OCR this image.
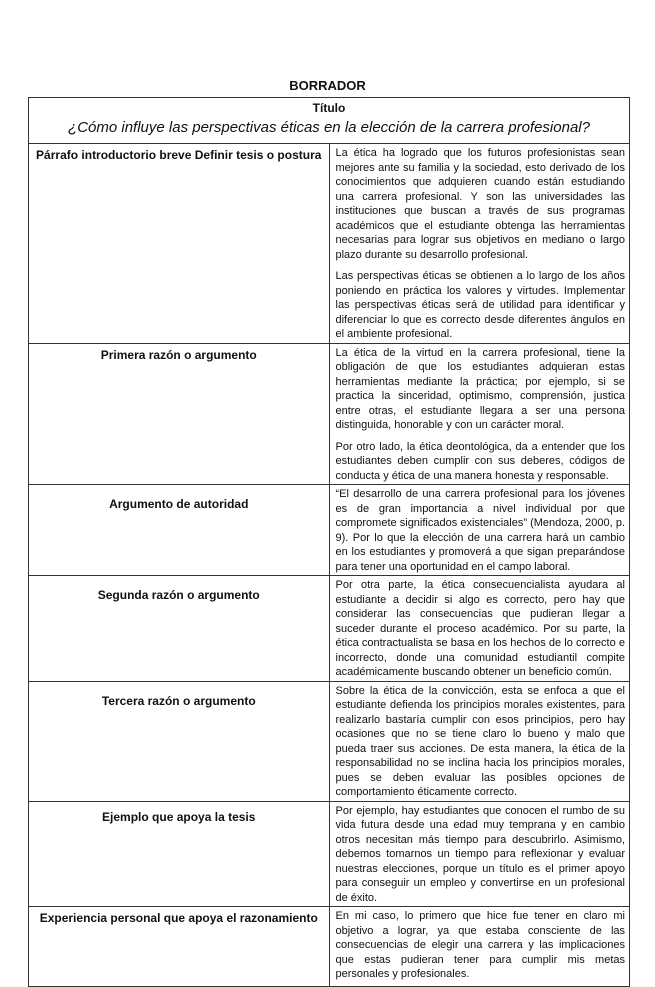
BORRADOR
Título
¿Cómo influye las perspectivas éticas en la elección de la carrera profesional?	

Párrafo introductorio breve Definir tesis o postura	La ética ha logrado que los futuros profesionistas sean mejores ante su familia y la sociedad, esto derivado de los conocimientos que adquieren cuando están estudiando una carrera profesional. Y son las universidades las instituciones que buscan a través de sus programas académicos que el estudiante obtenga las herramientas necesarias para lograr sus objetivos en mediano o largo plazo durante su desarrollo profesional.

Las perspectivas éticas se obtienen a lo largo de los años poniendo en práctica los valores y virtudes. Implementar las perspectivas éticas será de utilidad para identificar y diferenciar lo que es correcto desde diferentes ángulos en el ambiente profesional.

Primera razón o argumento	La ética de la virtud en la carrera profesional, tiene la obligación de que los estudiantes adquieran estas herramientas mediante la práctica; por ejemplo, si se practica la sinceridad, optimismo, comprensión, justica entre otras, el estudiante llegara a ser una persona distinguida, honorable y con un carácter moral.

Por otro lado, la ética deontológica, da a entender que los estudiantes deben cumplir con sus deberes, códigos de conducta y ética de una manera honesta y responsable.

Argumento de autoridad	“El desarrollo de una carrera profesional para los jóvenes es de gran importancia a nivel individual por que compromete significados existenciales” (Mendoza, 2000, p. 9). Por lo que la elección de una carrera hará un cambio en los estudiantes y promoverá a que sigan preparándose para tener una oportunidad en el campo laboral.

Segunda razón o argumento	Por otra parte, la ética consecuencialista ayudara al estudiante a decidir si algo es correcto, pero hay que considerar las consecuencias que pudieran llegar a suceder durante el proceso académico. Por su parte, la ética contractualista se basa en los hechos de lo correcto e incorrecto, donde una comunidad estudiantil compite académicamente buscando obtener un beneficio común.

Tercera razón o argumento	Sobre la ética de la convicción, esta se enfoca a que el estudiante defienda los principios morales existentes, para realizarlo bastaría cumplir con esos principios, pero hay ocasiones que no se tiene claro lo bueno y malo que pueda traer sus acciones. De esta manera, la ética de la responsabilidad no se inclina hacia los principios morales, pues se deben evaluar las posibles opciones de comportamiento éticamente correcto.

Ejemplo que apoya la tesis	Por ejemplo, hay estudiantes que conocen el rumbo de su vida futura desde una edad muy temprana y en cambio otros necesitan más tiempo para descubrirlo. Asimismo, debemos tomarnos un tiempo para reflexionar y evaluar nuestras elecciones, porque un título es el primer apoyo para conseguir un empleo y convertirse en un profesional de éxito.

Experiencia personal que apoya el razonamiento	En mi caso, lo primero que hice fue tener en claro mi objetivo a lograr, ya que estaba consciente de las consecuencias de elegir una carrera y las implicaciones que estas pudieran tener para cumplir mis metas personales y profesionales.
